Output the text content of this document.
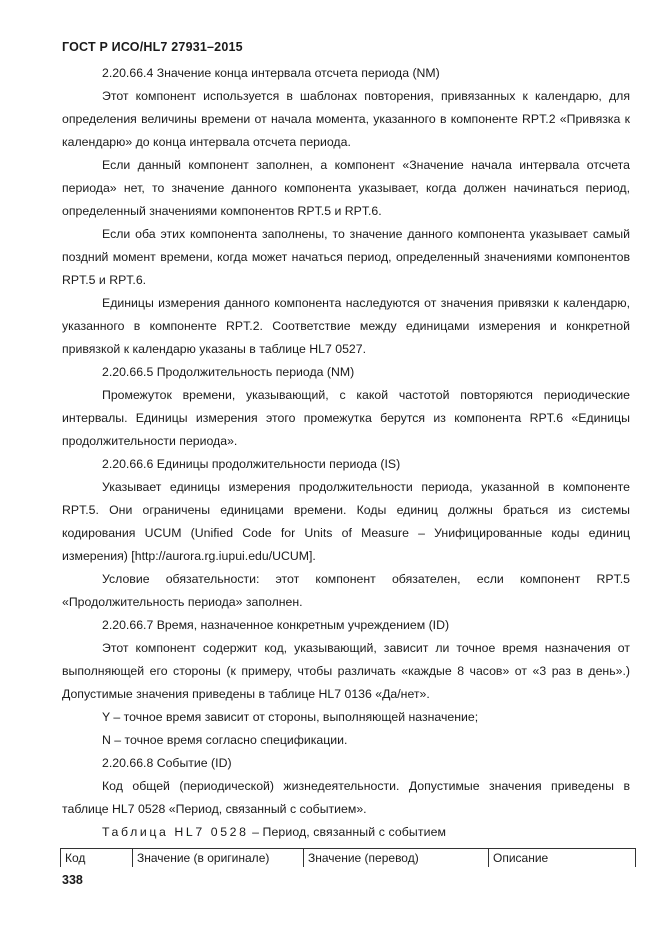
ГОСТ Р ИСО/HL7 27931–2015

2.20.66.4 Значение конца интервала отсчета периода (NM)

Этот компонент используется в шаблонах повторения, привязанных к календарю, для определения величины времени от начала момента, указанного в компоненте RPT.2 «Привязка к календарю» до конца интервала отсчета периода.

Если данный компонент заполнен, а компонент «Значение начала интервала отсчета периода» нет, то значение данного компонента указывает, когда должен начинаться период, определенный значениями компонентов RPT.5 и RPT.6.

Если оба этих компонента заполнены, то значение данного компонента указывает самый поздний момент времени, когда может начаться период, определенный значениями компонентов RPT.5 и RPT.6.

Единицы измерения данного компонента наследуются от значения привязки к календарю, указанного в компоненте RPT.2. Соответствие между единицами измерения и конкретной привязкой к календарю указаны в таблице HL7 0527.

2.20.66.5 Продолжительность периода (NM)

Промежуток времени, указывающий, с какой частотой повторяются периодические интервалы. Единицы измерения этого промежутка берутся из компонента RPT.6 «Единицы продолжительности периода».

2.20.66.6 Единицы продолжительности периода (IS)

Указывает единицы измерения продолжительности периода, указанной в компоненте RPT.5. Они ограничены единицами времени. Коды единиц должны браться из системы кодирования UCUM (Unified Code for Units of Measure – Унифицированные коды единиц измерения) [http://aurora.rg.iupui.edu/UCUM].

Условие обязательности: этот компонент обязателен, если компонент RPT.5 «Продолжительность периода» заполнен.

2.20.66.7 Время, назначенное конкретным учреждением (ID)

Этот компонент содержит код, указывающий, зависит ли точное время назначения от выполняющей его стороны (к примеру, чтобы различать «каждые 8 часов» от «3 раз в день».) Допустимые значения приведены в таблице HL7 0136 «Да/нет».

Y – точное время зависит от стороны, выполняющей назначение;

N – точное время согласно спецификации.

2.20.66.8 Событие (ID)

Код общей (периодической) жизнедеятельности. Допустимые значения приведены в таблице HL7 0528 «Период, связанный с событием».

Таблица HL7 0528 – Период, связанный с событием

Код	Значение (в оригинале)	Значение (перевод)	Описание
338
